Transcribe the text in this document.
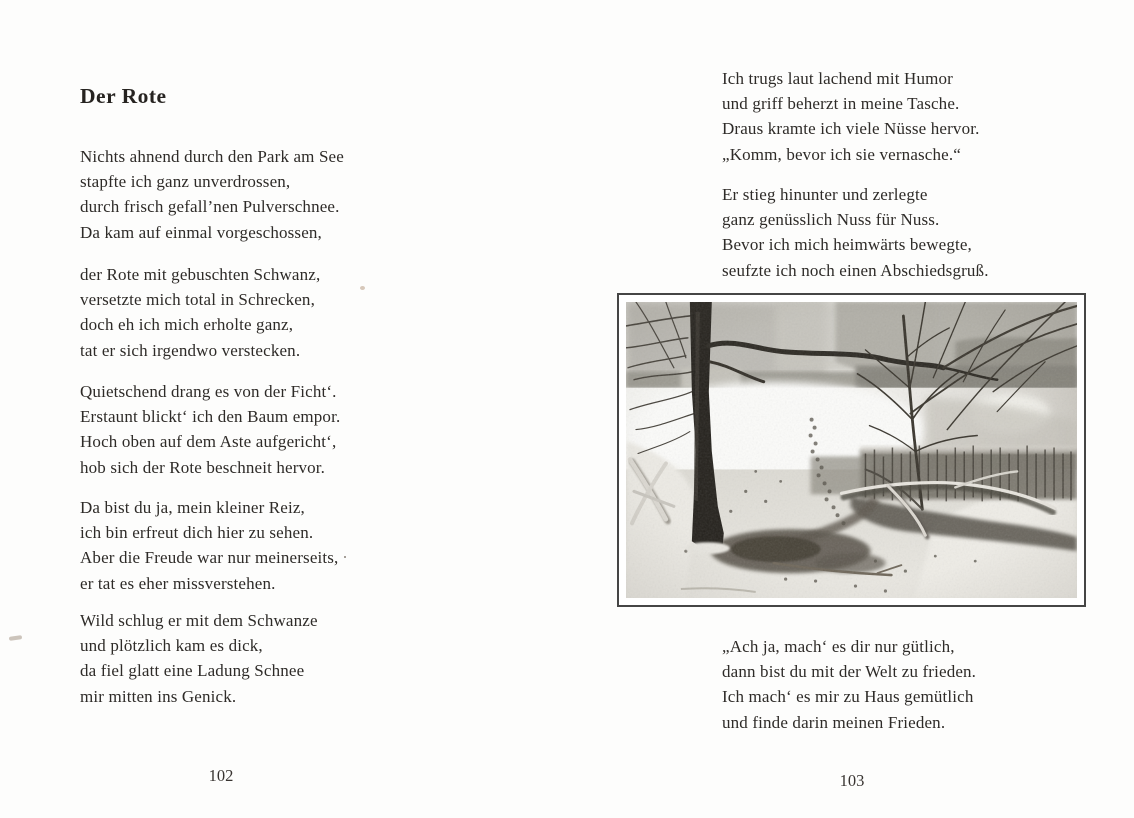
Der Rote
Nichts ahnend durch den Park am See
stapfte ich ganz unverdrossen,
durch frisch gefall’nen Pulverschnee.
Da kam auf einmal vorgeschossen,
der Rote mit gebuschten Schwanz,
versetzte mich total in Schrecken,
doch eh ich mich erholte ganz,
tat er sich irgendwo verstecken.
Quietschend drang es von der Ficht‘.
Erstaunt blickt‘ ich den Baum empor.
Hoch oben auf dem Aste aufgericht‘,
hob sich der Rote beschneit hervor.
Da bist du ja, mein kleiner Reiz,
ich bin erfreut dich hier zu sehen.
Aber die Freude war nur meinerseits,
er tat es eher missverstehen.
Wild schlug er mit dem Schwanze
und plötzlich kam es dick,
da fiel glatt eine Ladung Schnee
mir mitten ins Genick.
102
Ich trugs laut lachend mit Humor
und griff beherzt in meine Tasche.
Draus kramte ich viele Nüsse hervor.
„Komm, bevor ich sie vernasche.“
Er stieg hinunter und zerlegte
ganz genüsslich Nuss für Nuss.
Bevor ich mich heimwärts bewegte,
seufzte ich noch einen Abschiedsgruß.
„Ach ja, mach‘ es dir nur gütlich,
dann bist du mit der Welt zu frieden.
Ich mach‘ es mir zu Haus gemütlich
und finde darin meinen Frieden.
103
